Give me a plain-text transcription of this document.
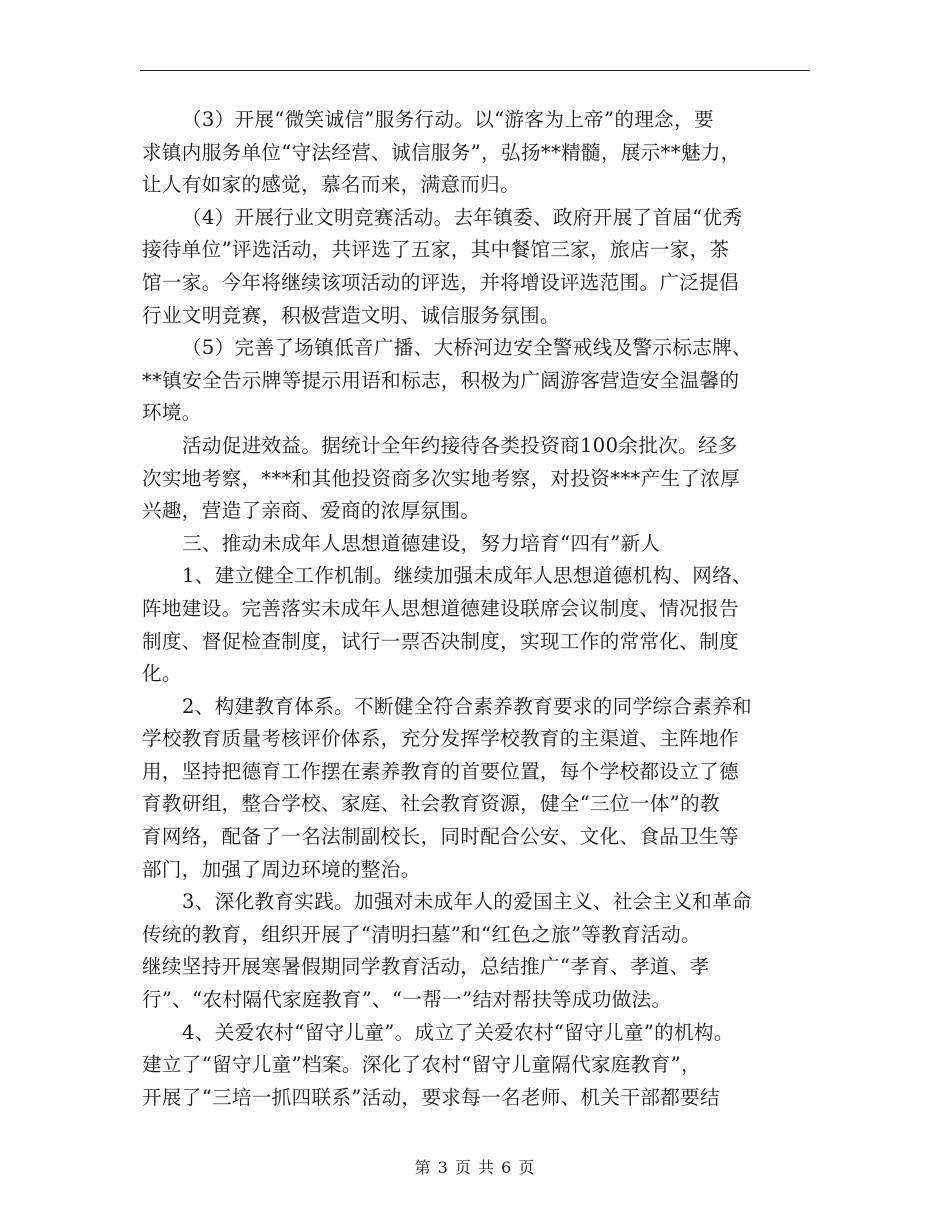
（3）开展“微笑诚信”服务行动。以“游客为上帝”的理念，要
求镇内服务单位“守法经营、诚信服务”，弘扬**精髓，展示**魅力，
让人有如家的感觉，慕名而来，满意而归。
（4）开展行业文明竞赛活动。去年镇委、政府开展了首届“优秀
接待单位”评选活动，共评选了五家，其中餐馆三家，旅店一家，茶
馆一家。今年将继续该项活动的评选，并将增设评选范围。广泛提倡
行业文明竞赛，积极营造文明、诚信服务氛围。
（5）完善了场镇低音广播、大桥河边安全警戒线及警示标志牌、
**镇安全告示牌等提示用语和标志，积极为广阔游客营造安全温馨的
环境。
活动促进效益。据统计全年约接待各类投资商100余批次。经多
次实地考察，***和其他投资商多次实地考察，对投资***产生了浓厚
兴趣，营造了亲商、爱商的浓厚氛围。
三、推动未成年人思想道德建设，努力培育“四有”新人
1、建立健全工作机制。继续加强未成年人思想道德机构、网络、
阵地建设。完善落实未成年人思想道德建设联席会议制度、情况报告
制度、督促检查制度，试行一票否决制度，实现工作的常常化、制度
化。
2、构建教育体系。不断健全符合素养教育要求的同学综合素养和
学校教育质量考核评价体系，充分发挥学校教育的主渠道、主阵地作
用，坚持把德育工作摆在素养教育的首要位置，每个学校都设立了德
育教研组，整合学校、家庭、社会教育资源，健全“三位一体”的教
育网络，配备了一名法制副校长，同时配合公安、文化、食品卫生等
部门，加强了周边环境的整治。
3、深化教育实践。加强对未成年人的爱国主义、社会主义和革命
传统的教育，组织开展了“清明扫墓”和“红色之旅”等教育活动。
继续坚持开展寒暑假期同学教育活动，总结推广“孝育、孝道、孝
行”、“农村隔代家庭教育”、“一帮一”结对帮扶等成功做法。
4、关爱农村“留守儿童”。成立了关爱农村“留守儿童”的机构。
建立了“留守儿童”档案。深化了农村“留守儿童隔代家庭教育”，
开展了“三培一抓四联系”活动，要求每一名老师、机关干部都要结
第 3 页 共 6 页
